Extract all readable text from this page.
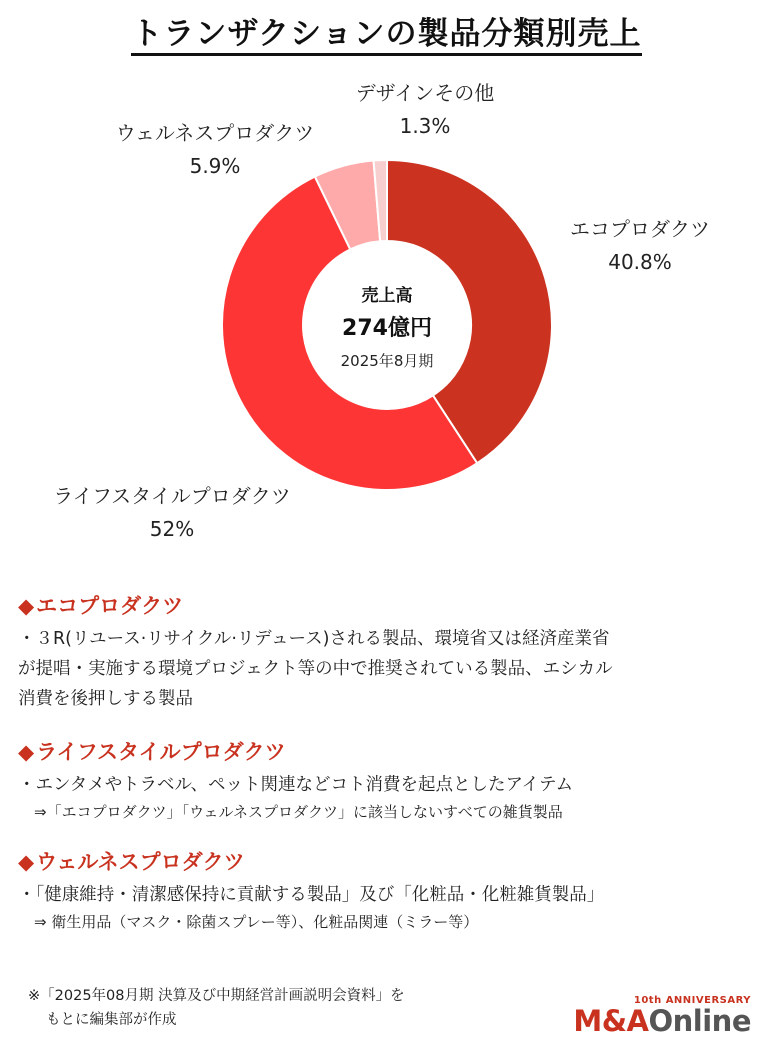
トランザクションの製品分類別売上
エコプロダクツ
40.8%
ライフスタイルプロダクツ
52%
ウェルネスプロダクツ
5.9%
デザインその他
1.3%
売上高
274億円
2025年8月期
◆エコプロダクツ
・３R(リユース·リサイクル·リデュース)される製品、環境省又は経済産業省
が提唱・実施する環境プロジェクト等の中で推奨されている製品、エシカル
消費を後押しする製品
◆ライフスタイルプロダクツ
・エンタメやトラベル、ペット関連などコト消費を起点としたアイテム
⇒「エコプロダクツ」「ウェルネスプロダクツ」に該当しないすべての雑貨製品
◆ウェルネスプロダクツ
・「健康維持・清潔感保持に貢献する製品」及び「化粧品・化粧雑貨製品」
⇒ 衛生用品（マスク・除菌スプレー等）、化粧品関連（ミラー等）
※「2025年08月期 決算及び中期経営計画説明会資料」を
もとに編集部が作成
10th ANNIVERSARY
M&AOnline
